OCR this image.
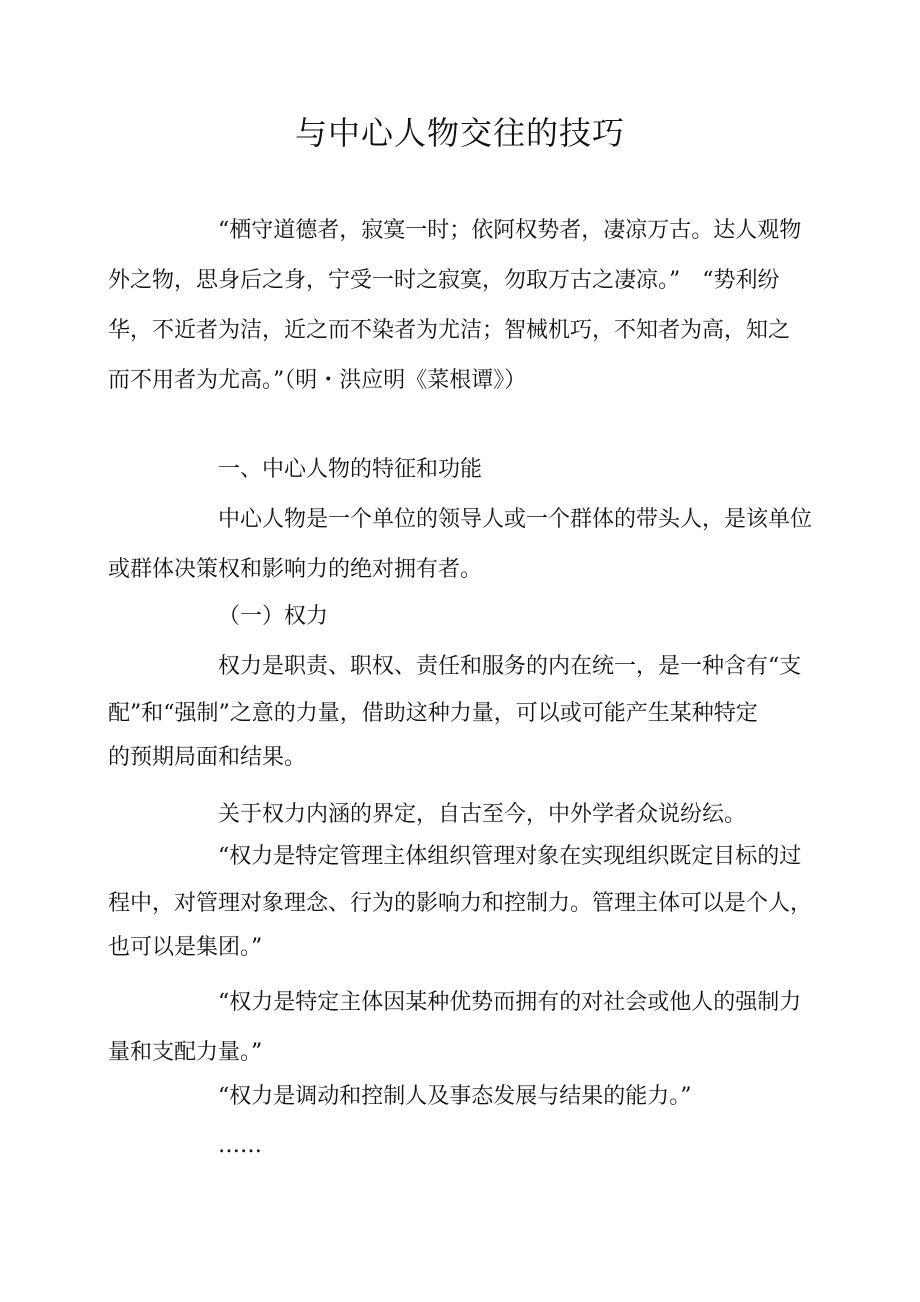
与中心人物交往的技巧
“栖守道德者，寂寞一时；依阿权势者，凄凉万古。达人观物
外之物，思身后之身，宁受一时之寂寞，勿取万古之凄凉。”　“势利纷
华，不近者为洁，近之而不染者为尤洁；智械机巧，不知者为高，知之
而不用者为尤高。”（明・洪应明《菜根谭》）
一、中心人物的特征和功能
中心人物是一个单位的领导人或一个群体的带头人，是该单位
或群体决策权和影响力的绝对拥有者。
（一）权力
权力是职责、职权、责任和服务的内在统一，是一种含有“支
配”和“强制”之意的力量，借助这种力量，可以或可能产生某种特定
的预期局面和结果。
关于权力内涵的界定，自古至今，中外学者众说纷纭。
“权力是特定管理主体组织管理对象在实现组织既定目标的过
程中，对管理对象理念、行为的影响力和控制力。管理主体可以是个人，
也可以是集团。”
“权力是特定主体因某种优势而拥有的对社会或他人的强制力
量和支配力量。”
“权力是调动和控制人及事态发展与结果的能力。”
……
